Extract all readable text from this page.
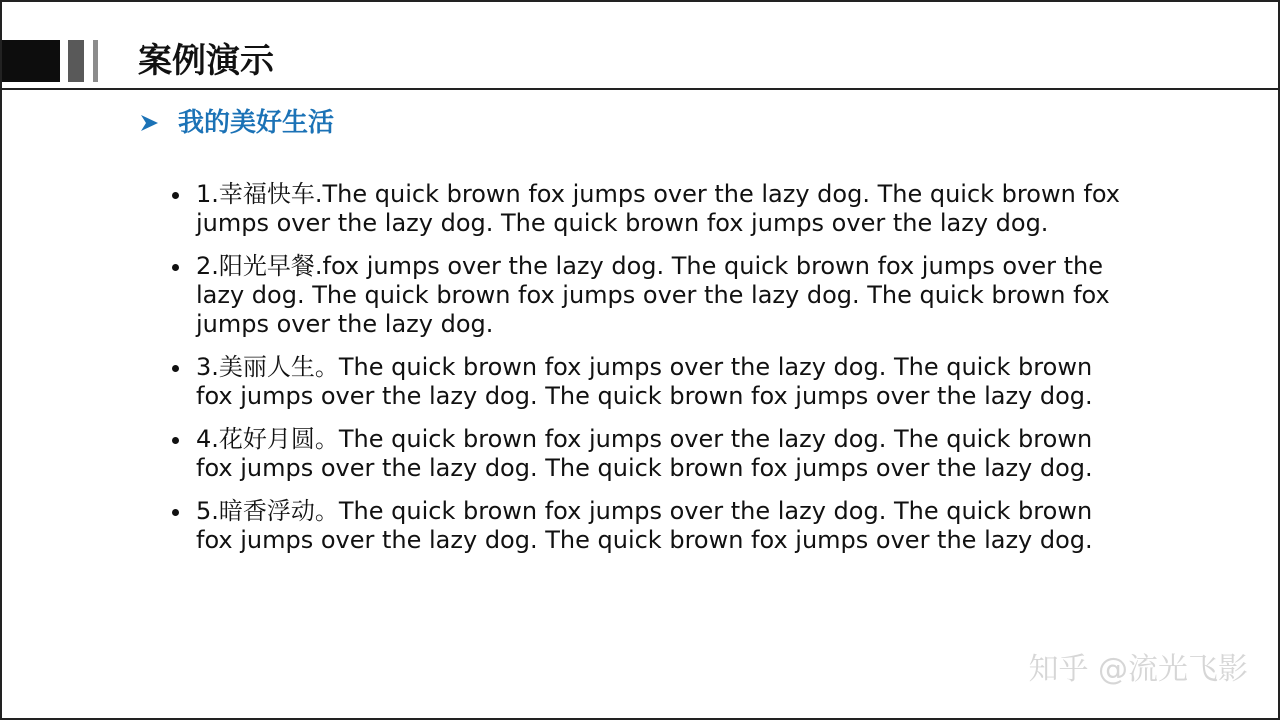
案例演示
我的美好生活
1.幸福快车.The quick brown fox jumps over the lazy dog. The quick brown fox jumps over the lazy dog. The quick brown fox jumps over the lazy dog.
2.阳光早餐.fox jumps over the lazy dog. The quick brown fox jumps over the lazy dog. The quick brown fox jumps over the lazy dog. The quick brown fox jumps over the lazy dog.
3.美丽人生。The quick brown fox jumps over the lazy dog. The quick brown fox jumps over the lazy dog. The quick brown fox jumps over the lazy dog.
4.花好月圆。The quick brown fox jumps over the lazy dog. The quick brown fox jumps over the lazy dog. The quick brown fox jumps over the lazy dog.
5.暗香浮动。The quick brown fox jumps over the lazy dog. The quick brown fox jumps over the lazy dog. The quick brown fox jumps over the lazy dog.
知乎 @流光飞影
